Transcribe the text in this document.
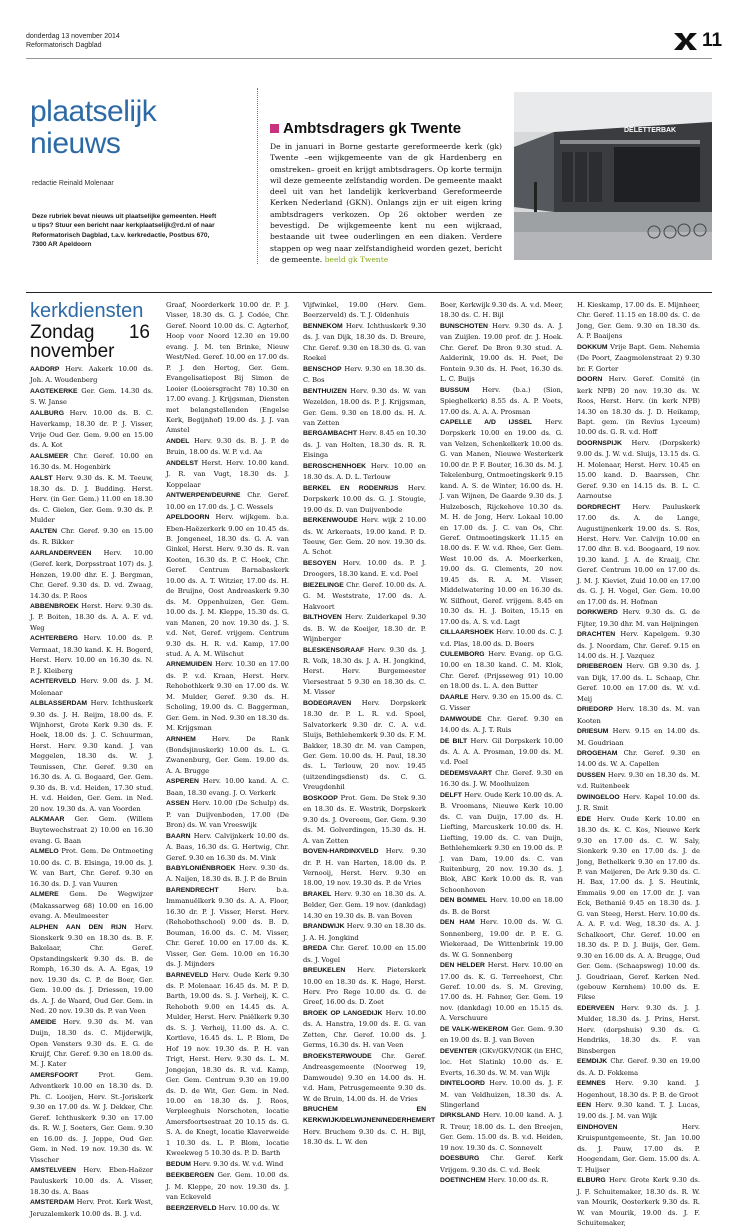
donderdag 13 november 2014
Reformatorisch Dagblad	11
plaatselijk nieuws
redactie Reinald Molenaar
Deze rubriek bevat nieuws uit plaatselijke gemeenten. Heeft u tips? Stuur een bericht naar kerkplaatselijk@rd.nl of naar Reformatorisch Dagblad, t.a.v. kerkredactie, Postbus 670, 7300 AR Apeldoorn
Ambtsdragers gk Twente
De in januari in Borne gestarte gereformeerde kerk (gk) Twente –een wijkgemeente van de gk Hardenberg en omstreken– groeit en krijgt ambtsdragers. Op korte termijn wil deze gemeente zelfstandig worden. De gemeente maakt deel uit van het landelijk kerkverband Gereformeerde Kerken Nederland (GKN). Onlangs zijn er uit eigen kring ambtsdragers verkozen. Op 26 oktober werden ze bevestigd. De wijkgemeente kent nu een wijkraad, bestaande uit twee ouderlingen en een diaken. Verdere stappen op weg naar zelfstandigheid worden gezet, bericht de gemeente. beeld gk Twente
DELETTERBAK
kerkdiensten
Zondag 16 november

AADORP Herv. Aakerk 10.00 ds. Joh. A. Woudenberg

AAGTEKERKE Ger. Gem. 14.30 ds. S. W. Janse

AALBURG Herv. 10.00 ds. B. C. Haverkamp, 18.30 dr. P. J. Visser, Vrije Oud Ger. Gem. 9.00 en 15.00 ds. A. Kot

AALSMEER Chr. Geref. 10.00 en 16.30 ds. M. Hogenbirk

AALST Herv. 9.30 ds. K. M. Teeuw, 18.30 ds. D. J. Budding. Herst. Herv. (in Ger. Gem.) 11.00 en 18.30 ds. C. Gielen, Ger. Gem. 9.30 ds. P. Mulder

AALTEN Chr. Geref. 9.30 en 15.00 ds. R. Bikker

AARLANDERVEEN Herv. 10.00 (Geref. kerk, Dorpsstraat 107) ds. J. Henzen, 19.00 dhr. E. J. Bergman, Chr. Geref. 9.30 ds. D. vd. Zwaag, 14.30 ds. P. Roos

ABBENBROEK Herst. Herv. 9.30 ds. J. P. Boiten, 18.30 ds. A. A. F. vd. Weg

ACHTERBERG Herv. 10.00 ds. P. Vermaat, 18.30 kand. K. H. Bogerd, Herst. Herv. 10.00 en 16.30 ds. N. P. J. Kleiberg

ACHTERVELD Herv. 9.00 ds. J. M. Molenaar

ALBLASSERDAM Herv. Ichthuskerk 9.30 ds. J. H. Reijm, 18.00 ds. F. Wijnhorst, Grote Kerk 9.30 ds. F. Hoek, 18.00 ds. J. C. Schuurman, Herst. Herv. 9.30 kand. J. van Meggelen, 18.30 ds. W. J. Teunissen, Chr. Geref. 9.30 en 16.30 ds. A. G. Bogaard, Ger. Gem. 9.30 ds. B. v.d. Heiden, 17.30 stud. H. v.d. Heiden, Ger. Gem. in Ned. 20 nov. 19.30 ds. A. van Voorden

ALKMAAR Ger. Gem. (Willem Buytewechstraat 2) 10.00 en 16.30 evang. G. Baan

ALMELO Prot. Gem. De Ontmoeting 10.00 ds. C. B. Elsinga, 19.00 ds. J. W. van Bart, Chr. Geref. 9.30 en 16.30 ds. D. J. van Vuuren

ALMERE Gem. De Wegwijzer (Makassarweg 68) 10.00 en 16.00 evang. A. Meulmeester

ALPHEN AAN DEN RIJN Herv. Sionskerk 9.30 en 18.30 ds. B. F. Bakelaar, Chr. Geref. Opstandingskerk 9.30 ds. B. de Romph, 16.30 ds. A. A. Egas, 19 nov. 19.30 ds. C. P. de Boer, Ger. Gem. 10.00 ds. J. Driessen, 19.00 ds. A. J. de Waard, Oud Ger. Gem. in Ned. 20 nov. 19.30 ds. P. van Veen

AMEIDE Herv. 9.30 ds. M. van Duijn, 18.30 ds. C. Mijderwijk, Open Vensters 9.30 ds. E. G. de Kruijf, Chr. Geref. 9.30 en 18.00 ds. M. J. Kater

AMERSFOORT	Prot. Gem. Adventkerk 10.00 en 18.30 ds. D. Ph. C. Looijen, Herv. St.-Joriskerk 9.30 en 17.00 ds. W. J. Dekker, Chr. Geref. Ichthuskerk 9.30 en 17.00 ds. R. W. J. Soeters, Ger. Gem. 9.30 en 16.00 ds. J. Joppe, Oud Ger. Gem. in Ned. 19 nov. 19.30 ds. W. Visscher

AMSTELVEEN Herv. Eben-Haëzer Pauluskerk 10.00 ds. A. Visser, 18.30 ds. A. Baas

AMSTERDAM Herv. Prot. Kerk West, Jeruzalemkerk 10.00 ds. B. J. v.d.

Graaf, Noorderkerk 10.00 dr. P. J. Visser, 18.30 ds. G. J. Codée, Chr. Geref. Noord 10.00 ds. C. Agterhof, Hoop voor Noord 12.30 en 19.00 evang. J. M. ten Brinke, Nieuw West/Ned. Geref. 10.00 en 17.00 ds. P. J. den Hertog, Ger. Gem. Evangelisatiepost Bij Simon de Looier (Looiersgracht 78) 10.30 en 17.00 evang. J. Krijgsman, Diensten met belangstellenden (Engelse Kerk, Begijnhof) 19.00 ds. J. J. van Amstel

ANDEL Herv. 9.30 ds. B. J. P. de Bruin, 18.00 ds. W. P. v.d. Aa

ANDELST Herst. Herv. 10.00 kand. J. R. van Vugt, 18.30 ds. J. Koppelaar

ANTWERPEN/DEURNE Chr. Geref. 10.00 en 17.00 ds. J. C. Wessels

APELDOORN Herv. wijkgem. b.a. Eben-Haëzerkerk 9.00 en 10.45 ds. B. Jongeneel, 18.30 ds. G. A. van Ginkel, Herst. Herv. 9.30 ds. R. van Kooten, 16.30 ds. P. C. Hoek, Chr. Geref. Centrum Barnabaskerk 10.00 ds. A. T. Witzier, 17.00 ds. H. de Bruijne, Oost Andreaskerk 9.30 ds. M. Oppenhuizen, Ger. Gem. 10.00 ds. J. M. Kleppe, 15.30 ds. G. van Manen, 20 nov. 19.30 ds. J. S. v.d. Net, Geref. vrijgem. Centrum 9.30 ds. H. R. v.d. Kamp, 17.00 stud. A. A. M. Wilschut

ARNEMUIDEN Herv. 10.30 en 17.00 ds. P. v.d. Kraan, Herst. Herv. Rehobothkerk 9.30 en 17.00 ds. W. M. Mulder, Geref. 9.30 ds. H. Scholing, 19.00 ds. C. Baggerman, Ger. Gem. in Ned. 9.30 en 18.30 ds. M. Krijgsman

ARNHEM Herv. De Rank (Bondsjinuskerk) 10.00 ds. L. G. Zwanenburg, Ger. Gem. 19.00 ds. A. A. Brugge

ASPEREN Herv. 10.00 kand. A. C. Baan, 18.30 evang. J. O. Verkerk

ASSEN Herv. 10.00 (De Schulp) ds. P. van Duijvenboden, 17.00 (De Bron) ds. W. van Vreeswijk

BAARN Herv. Calvijnkerk 10.00 ds. A. Baas, 16.30 ds. G. Hertwig, Chr. Geref. 9.30 en 16.30 ds. M. Vink

BABYLONIËNBROEK Herv. 9.30 ds. A. Naijen, 18.30 ds. B. J. P. de Bruin

BARENDRECHT	Herv. b.a. Immanuëlkerk 9.30 ds. A. A. Floor, 16.30 dr. P. J. Visser, Herst. Herv. (Rehobothschool) 9.00 ds. B. D. Bouman, 16.00 ds. C. M. Visser, Chr. Geref. 10.00 en 17.00 ds. K. Visser, Ger. Gem. 10.00 en 16.30 ds. J. Mijnders

BARNEVELD Herv. Oude Kerk 9.30 ds. P. Molenaar. 16.45 ds. M. P. D. Barth, 19.00 ds. S. J. Verheij, K. C. Rehoboth 9.00 en 14.45 ds. A. Mulder, Herst. Herv. Pniëlkerk 9.30 ds. S. J. Verheij, 11.00 ds. A. C. Kortleve, 16.45 ds. L. P. Blom, De Hof 19 nov. 19.30 ds. P. H. van Trigt, Herst. Herv. 9.30 ds. L. M. Jongejan, 18.30 ds. R. v.d. Kamp, Ger. Gem. Centrum 9.30 en 19.00 ds. D. de Wit, Ger. Gem. in Ned. 10.00 en 18.30 ds. J. Roos, Verpleeghuis Norschoten, locatie Amersfoortsestraat 20 10.15 ds. G. S. A. de Knegt, locatie Klaverweide 1 10.30 ds. L. P. Blom, locatie Kweekweg 5 10.30 ds. P. D. Barth

BEDUM Herv. 9.30 ds. W. v.d. Wind

BEEKBERGEN Ger. Gem. 10.00 ds. J. M. Kleppe, 20 nov. 19.30 ds. J. van Eckeveld

BEERZERVELD Herv. 10.00 ds. W.

Vijfwinkel, 19.00 (Herv. Gem. Beerzerveld) ds. T. J. Oldenhuis

BENNEKOM Herv. Ichthuskerk 9.30 ds. J. van Dijk, 18.30 ds. D. Breure, Chr. Geref. 9.30 en 18.30 ds. G. van Roekel

BENSCHOP Herv. 9.30 en 18.30 ds. C. Bos

BENTHUIZEN Herv. 9.30 ds. W. van Wezelden, 18.00 ds. P. J. Krijgsman, Ger. Gem. 9.30 en 18.00 ds. H. A. van Zetten

BERGAMBACHT Herv. 8.45 en 10.30 ds. J. van Holten, 18.30 ds. R. R. Eisinga

BERGSCHENHOEK Herv. 10.00 en 18.30 ds. A. D. L. Terlouw

BERKEL EN RODENRIJS Herv. Dorpskerk 10.00 ds. G. J. Stougie, 19.00 ds. D. van Duijvenbode

BERKENWOUDE Herv. wijk 2 10.00 ds. W. Arkeraats, 19.00 kand. P. D. Teeuw, Ger. Gem. 20 nov. 19.30 ds. A. Schot

BESOYEN Herv. 10.00 ds. P. J. Droogers, 18.30 kand. E. v.d. Poel

BIEZELINGE Chr. Geref. 10.00 ds. A. G. M. Weststrate, 17.00 ds. A. Hakvoort

BILTHOVEN Herv. Zuiderkapel 9.30 ds. B. W. de Koeijer, 18.30 dr. P. Wijnberger

BLESKENSGRAAF Herv. 9.30 ds. J. R. Volk, 18.30 ds. J. A. H. Jongkind, Herst. Herv. Burgemeester Viersestraat 5 9.30 en 18.30 ds. C. M. Visser

BODEGRAVEN Herv. Dorpskerk 18.30 dr. P. L. R. v.d. Spoel, Salvatorkerk 9.30 dr. C. A. v.d. Sluijs, Bethlehemkerk 9.30 ds. F. M. Bakker, 18.30 dr. M. van Campen, Ger. Gem. 10.00 ds. H. Paul, 18.30 ds. L. Terlouw, 20 nov. 19.45 (uitzendingsdienst) ds. C. G. Vreugdenhil

BOSKOOP Prot. Gem. De Stek 9.30 en 18.30 ds. E. Westrik, Dorpskerk 9.30 ds. J. Overeem, Ger. Gem. 9.30 ds. M. Golverdingen, 15.30 ds. H. A. van Zetten

BOVEN-HARDINXVELD Herv. 9.30 dr. P. H. van Harten, 18.00 ds. P. Vernooij, Herst. Herv. 9.30 en 18.00, 19 nov. 19.30 ds. P. de Vries

BRAKEL Herv. 9.30 en 18.30 ds. A. Belder, Ger. Gem. 19 nov. (dankdag) 14.30 en 19.30 ds. B. van Boven

BRANDWIJK Herv. 9.30 en 18.30 ds. J. A. H. Jongkind

BREDA Chr. Geref. 10.00 en 15.00 ds. J. Vogel

BREUKELEN Herv. Pieterskerk 10.00 en 18.30 ds. K. Hage, Herst. Herv. Pro Rege 10.00 ds. G. de Greef, 16.00 ds. D. Zoet

BROEK OP LANGEDIJK Herv. 10.00 ds. A. Hanstra, 19.00 ds. E. G. van Zetten, Chr. Geref. 10.00 ds. J. Germs, 16.30 ds. H. van Veen

BROEKSTERWOUDE Chr. Geref. Andreasgemeente (Noorweg 19, Damwoude) 9.30 en 14.00 ds. H. v.d. Ham, Petrusgemeente 9.30 ds. W. de Bruin, 14.00 ds. H. de Vries

BRUCHEM EN KERKWIJK/DELWIJNEN/NEDERHEMERT Herv. Bruchem 9.30 ds. C. H. Bijl, 18.30 ds. L. W. den

Boer, Kerkwijk 9.30 ds. A. v.d. Meer, 18.30 ds. C. H. Bijl

BUNSCHOTEN Herv. 9.30 ds. A. J. van Zuijlen. 19.00 prof. dr. J. Hoek. Chr. Geref. De Bron 9.30 stud. A. Aalderink, 19.00 ds. H. Peet, De Fontein 9.30 ds. H. Peet, 16.30 ds. L. C. Buijs

BUSSUM Herv. (b.a.) (Sion, Spieghelkerk) 8.55 ds. A. P. Voets, 17.00 ds. A. A. A. Prosman

CAPELLE A/D IJSSEL Herv. Dorpskerk 10.00 en 19.00 ds. G. van Velzen, Schenkelkerk 10.00 ds. G. van Manen, Nieuwe Westerkerk 10.00 dr. P. F. Bouter, 16.30 ds. M. J. Tekelenburg, Ontmoetingskerk 9.15 kand. A. S. de Winter, 16.00 ds. H. J. van Wijnen, De Gaarde 9.30 ds. J. Hulzebosch, Rijckehove 10.30 ds. M. H. de Jong, Herv. Lokaal 10.00 en 17.00 ds. J. C. van Os, Chr. Geref. Ontmoetingskerk 11.15 en 18.00 ds. F. W. v.d. Rhee, Ger. Gem. West 10.00 ds. A. Moerkerken, 19.00 ds. G. Clements, 20 nov. 19.45 ds. R. A. M. Visser, Middelwatering 10.00 en 16.30 ds. W. Silfhout, Geref. vrijgem. 8.45 en 10.30 ds. H. J. Boiten, 15.15 en 17.00 ds. A. S. v.d. Lagt

CILLAARSHOEK Herv. 10.00 ds. C. J. v.d. Plas, 18.00 ds. D. Boers

CULEMBORG Herv. Evang. op G.G. 10.00 en 18.30 kand. C. M. Klok, Chr. Geref. (Prijsseweg 91) 10.00 en 18.00 ds. L. A. den Butter

DAARLE Herv. 9.30 en 15.00 ds. C. G. Visser

DAMWOUDE Chr. Geref. 9.30 en 14.00 ds. A. J. T. Ruis

DE BILT Herv. Gil Dorpskerk 10.00 ds. A. A. A. Prosman, 19.00 ds. M. v.d. Poel

DEDEMSVAART Chr. Geref. 9.30 en 16.30 ds. J. W. Moolhuizen

DELFT Herv. Oude Kerk 10.00 ds. A. B. Vroomans, Nieuwe Kerk 10.00 ds. C. van Duijn, 17.00 ds. H. Liefting, Marcuskerk 10.00 ds. H. Liefting, 19.00 ds. C. van Duijn, Bethlehemkerk 9.30 en 19.00 ds. P. J. van Dam, 19.00 ds. C. van Ruitenburg, 20 nov. 19.30 ds. J. Blok, ABC Kerk 10.00 ds. R. van Schoonhoven

DEN BOMMEL Herv. 10.00 en 18.00 ds. B. de Borst

DEN HAM Herv. 10.00 ds. W. G. Sonnenberg, 19.00 dr. P. E. G. Wiekeraad, De Wittenbrink 19.00 ds. W. G. Sonnenberg

DEN HELDER Herst. Herv. 10.00 en 17.00 ds. K. G. Terreehorst, Chr. Geref. 10.00 ds. S. M. Greving, 17.00 ds. H. Fahner, Ger. Gem. 19 nov. (dankdag) 10.00 en 15.15 ds. A. Verschuure

DE VALK-WEKEROM Ger. Gem. 9.30 en 19.00 ds. B. J. van Boven

DEVENTER (GKv/GKV/NGK (in EHC, loc. Het Slatink) 10.00 ds. E. Everts, 16.30 ds. W. M. van Wijk

DINTELOORD Herv. 10.00 ds. J. F. M. van Veldhuizen, 18.30 ds. A. Slingerland

DIRKSLAND Herv. 10.00 kand. A. J. R. Treur, 18.00 ds. L. den Breejen, Ger. Gem. 15.00 ds. B. v.d. Heiden, 19 nov. 19.30 ds. C. Sonnevelt

DOESBURG Chr. Geref. Kerk Vrijgem. 9.30 ds. C. v.d. Beek

DOETINCHEM Herv. 10.00 ds. R.

H. Kieskamp, 17.00 ds. E. Mijnheer, Chr. Geref. 11.15 en 18.00 ds. C. de Jong, Ger. Gem. 9.30 en 18.30 ds. A. P. Baaijens

DOKKUM Vrije Bapt. Gem. Nehemia (De Poort, Zaagmolenstraat 2) 9.30 br. F. Gorter

DOORN Herv. Geref. Comité (in kerk NPB) 20 nov. 19.30 ds. W. Roos, Herst. Herv. (in kerk NPB) 14.30 en 18.30 ds. J. D. Heikamp, Bapt. gem. (in Revius Lyceum) 10.00 ds. G. R. v.d. Hoff

DOORNSPIJK Herv. (Dorpskerk) 9.00 ds. J. W. v.d. Sluijs, 13.15 ds. G. H. Molenaar, Herst. Herv. 10.45 en 15.00 kand. D. Baarssen, Chr. Geref. 9.30 en 14.15 ds. B. L. C. Aarnoutse

DORDRECHT Herv. Pauluskerk 17.00 ds. A. de Lange, Augustijnenkerk 19.00 ds. S. Ros, Herst. Herv. Ver. Calvijn 10.00 en 17.00 dhr. B. v.d. Boogaard, 19 nov. 19.30 kand. J. A. de Kraaij, Chr. Geref. Centrum 10.00 en 17.00 ds. J. M. J. Kieviet, Zuid 10.00 en 17.00 ds. G. J. H. Vogel, Ger. Gem. 10.00 en 17.00 ds. H. Hofman

DORKWERD Herv. 9.30 ds. G. de Fijter, 19.30 dhr. M. van Heijningen

DRACHTEN Herv. Kapelgem. 9.30 ds. J. Noordam, Chr. Geref. 9.15 en 14.00 ds. H. J. Vazquez

DRIEBERGEN Herv. GB 9.30 ds. J. van Dijk, 17.00 ds. L. Schaap, Chr. Geref. 10.00 en 17.00 ds. W. v.d. Meij

DRIEDORP Herv. 18.30 ds. M. van Kooten

DRIESUM Herv. 9.15 en 14.00 ds. M. Goudriaan

DROGEHAM Chr. Geref. 9.30 en 14.00 ds. W. A. Capellen

DUSSEN Herv. 9.30 en 18.30 ds. M. v.d. Ruitenbeek

DWINGELOO Herv. Kapel 10.00 ds. J. R. Smit

EDE Herv. Oude Kerk 10.00 en 18.30 ds. K. C. Kos, Nieuwe Kerk 9.30 en 17.00 ds. C. W. Saly, Sionkerk 9.30 en 17.00 ds. J. de Jong, Bethelkerk 9.30 en 17.00 ds. P. van Meijeren, De Ark 9.30 ds. C. H. Bax, 17.00 ds. J. S. Heutink, Emmaüs 9.00 en 17.00 dr. J. van Eck, Bethanië 9.45 en 18.30 ds. J. G. van Steeg, Herst. Herv. 10.00 ds. A. A. F. v.d. Weg, 18.30 ds. A. J. Schalkoort, Chr. Geref. 10.00 en 18.30 ds. P. D. J. Buijs, Ger. Gem. 9.30 en 16.00 ds. A. A. Brugge, Oud Ger. Gem. (Schaapsweg) 10.00 ds. J. Goudriaan, Geref. Kerken Ned. (gebouw Kernhem) 10.00 ds. E. Fikse

EDERVEEN Herv. 9.30 ds. J. J. Mulder, 18.30 ds. J. Prins, Herst. Herv. (dorpshuis) 9.30 ds. G. Hendriks, 18.30 ds. F. van Binsbergen

EEMDIJK Chr. Geref. 9.30 en 19.00 ds. A. D. Fokkema

EEMNES Herv. 9.30 kand. J. Hogenhout, 18.30 ds. P. B. de Groot

EEN Herv. 9.30 kand. T. J. Lucas, 19.00 ds. J. M. van Wijk

EINDHOVEN	Herv. Kruispuntgemeente, St. Jan 10.00 ds. J. Pauw, 17.00 ds. P. Hoogendam, Ger. Gem. 15.00 ds. A. T. Huijser

ELBURG Herv. Grote Kerk 9.30 ds. J. F. Schuitemaker, 18.30 ds. R. W. van Mourik, Oosterkerk 9.30 ds. R. W. van Mourik, 19.00 ds. J. F. Schuitemaker,
